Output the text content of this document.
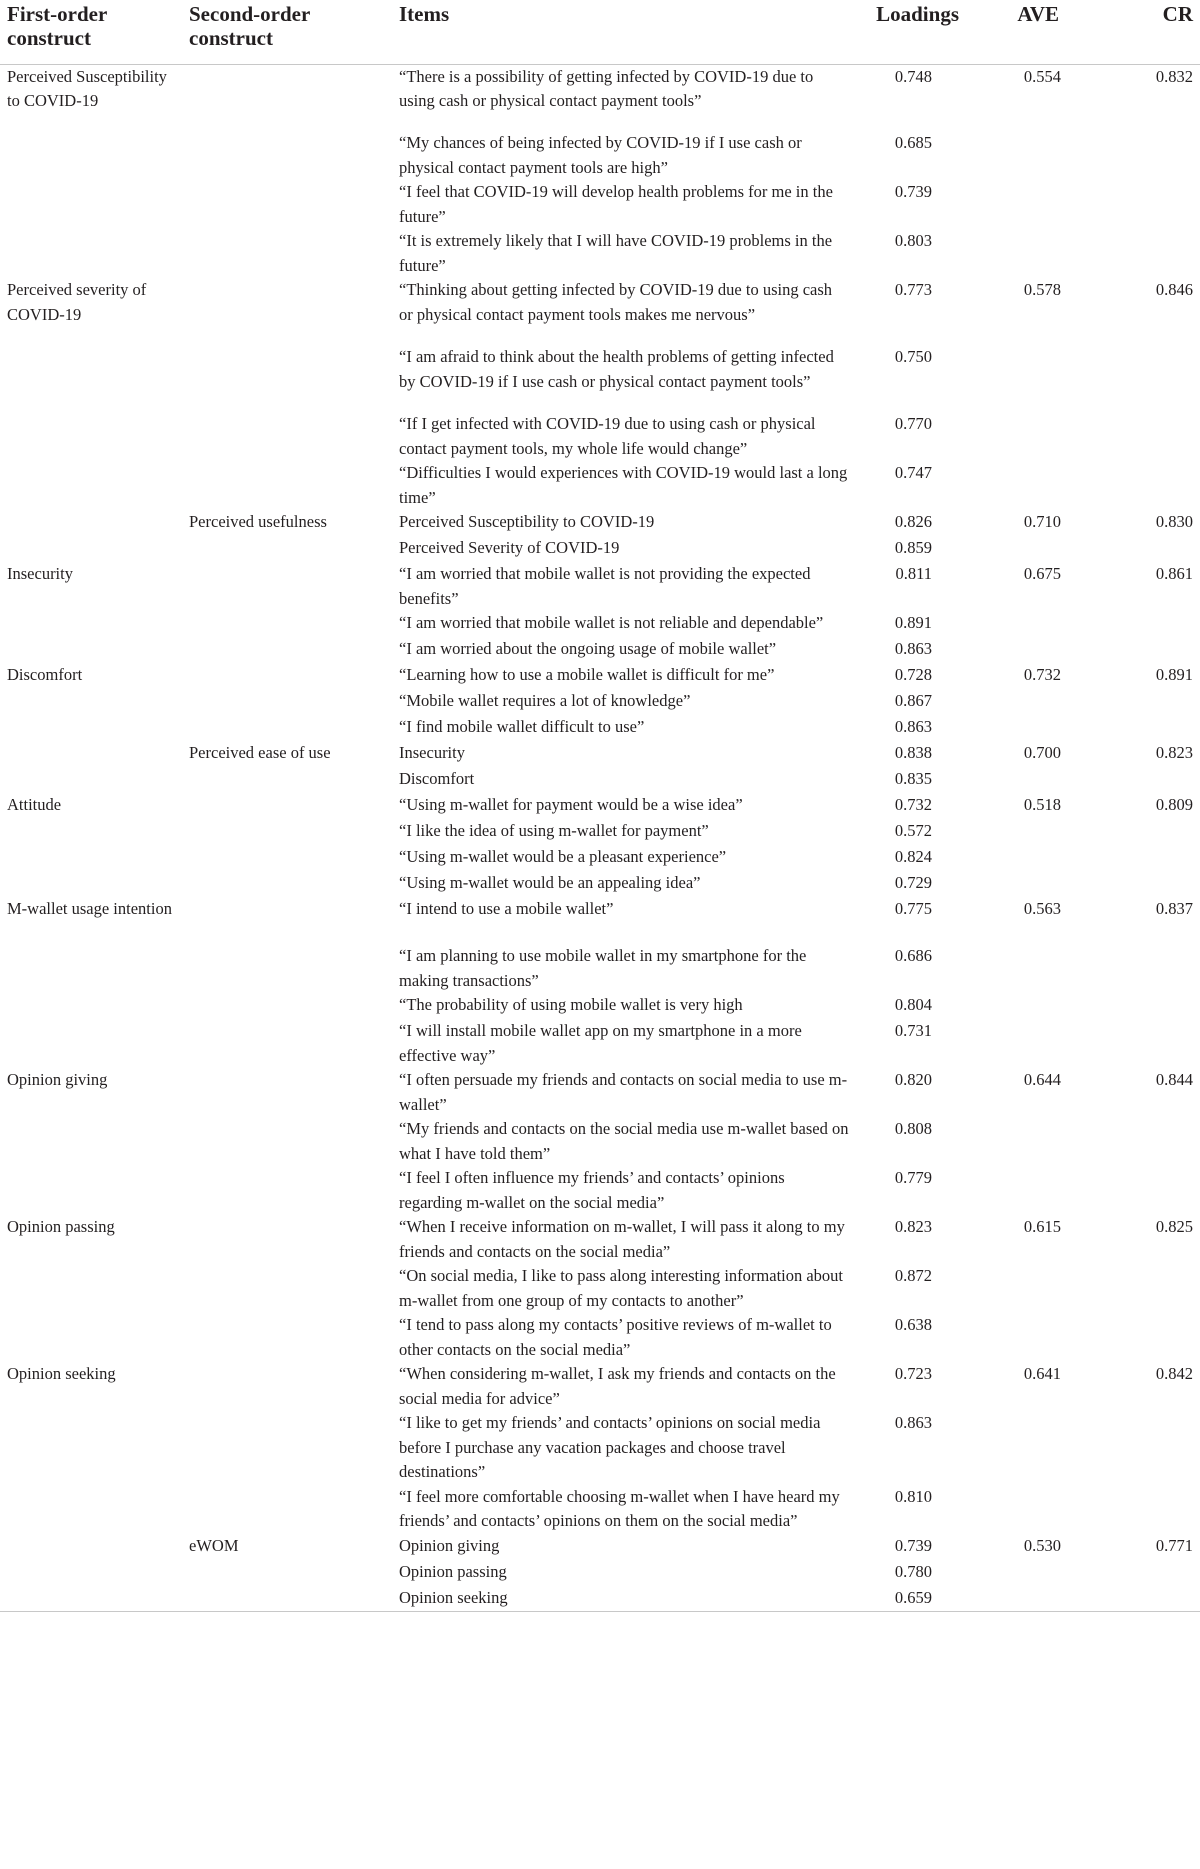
First-order construct	Second-order construct	Items	Loadings	AVE	CR
Perceived Susceptibility to COVID-19		“There is a possibility of getting infected by COVID-19 due to using cash or physical contact payment tools”	0.748	0.554	0.832
		“My chances of being infected by COVID-19 if I use cash or physical contact payment tools are high”	0.685		
		“I feel that COVID-19 will develop health problems for me in the future”	0.739		
		“It is extremely likely that I will have COVID-19 problems in the future”	0.803		
Perceived severity of COVID-19		“Thinking about getting infected by COVID-19 due to using cash or physical contact payment tools makes me nervous”	0.773	0.578	0.846
		“I am afraid to think about the health problems of getting infected by COVID-19 if I use cash or physical contact payment tools”	0.750		
		“If I get infected with COVID-19 due to using cash or physical contact payment tools, my whole life would change”	0.770		
		“Difficulties I would experiences with COVID-19 would last a long time”	0.747		
	Perceived usefulness	Perceived Susceptibility to COVID-19	0.826	0.710	0.830
		Perceived Severity of COVID-19	0.859		
Insecurity		“I am worried that mobile wallet is not providing the expected benefits”	0.811	0.675	0.861
		“I am worried that mobile wallet is not reliable and dependable”	0.891		
		“I am worried about the ongoing usage of mobile wallet”	0.863		
Discomfort		“Learning how to use a mobile wallet is difficult for me”	0.728	0.732	0.891
		“Mobile wallet requires a lot of knowledge”	0.867		
		“I find mobile wallet difficult to use”	0.863		
	Perceived ease of use	Insecurity	0.838	0.700	0.823
		Discomfort	0.835		
Attitude		“Using m-wallet for payment would be a wise idea”	0.732	0.518	0.809
		“I like the idea of using m-wallet for payment”	0.572		
		“Using m-wallet would be a pleasant experience”	0.824		
		“Using m-wallet would be an appealing idea”	0.729		
M-wallet usage intention		“I intend to use a mobile wallet”	0.775	0.563	0.837
		“I am planning to use mobile wallet in my smartphone for the making transactions”	0.686		
		“The probability of using mobile wallet is very high	0.804		
		“I will install mobile wallet app on my smartphone in a more effective way”	0.731		
Opinion giving		“I often persuade my friends and contacts on social media to use m-wallet”	0.820	0.644	0.844
		“My friends and contacts on the social media use m-wallet based on what I have told them”	0.808		
		“I feel I often influence my friends’ and contacts’ opinions regarding m-wallet on the social media”	0.779		
Opinion passing		“When I receive information on m-wallet, I will pass it along to my friends and contacts on the social media”	0.823	0.615	0.825
		“On social media, I like to pass along interesting information about m-wallet from one group of my contacts to another”	0.872		
		“I tend to pass along my contacts’ positive reviews of m-wallet to other contacts on the social media”	0.638		
Opinion seeking		“When considering m-wallet, I ask my friends and contacts on the social media for advice”	0.723	0.641	0.842
		“I like to get my friends’ and contacts’ opinions on social media before I purchase any vacation packages and choose travel destinations”	0.863		
		“I feel more comfortable choosing m-wallet when I have heard my friends’ and contacts’ opinions on them on the social media”	0.810		
	eWOM	Opinion giving	0.739	0.530	0.771
		Opinion passing	0.780		
		Opinion seeking	0.659		
